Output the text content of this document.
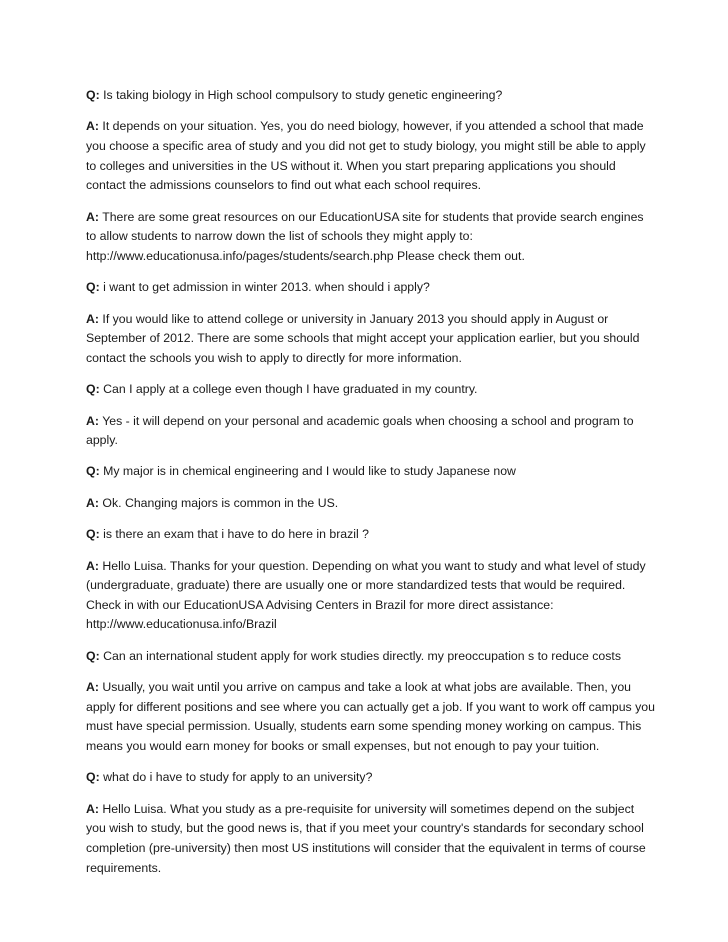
Q: Is taking biology in High school compulsory to study genetic engineering?

A: It depends on your situation. Yes, you do need biology, however, if you attended a school that made you choose a specific area of study and you did not get to study biology, you might still be able to apply to colleges and universities in the US without it. When you start preparing applications you should contact the admissions counselors to find out what each school requires.

A: There are some great resources on our EducationUSA site for students that provide search engines to allow students to narrow down the list of schools they might apply to: http://www.educationusa.info/pages/students/search.php Please check them out.

Q: i want to get admission in winter 2013. when should i apply?

A: If you would like to attend college or university in January 2013 you should apply in August or September of 2012. There are some schools that might accept your application earlier, but you should contact the schools you wish to apply to directly for more information.

Q: Can I apply at a college even though I have graduated in my country.

A: Yes - it will depend on your personal and academic goals when choosing a school and program to apply.

Q: My major is in chemical engineering and I would like to study Japanese now

A: Ok. Changing majors is common in the US.

Q: is there an exam that i have to do here in brazil ?

A: Hello Luisa. Thanks for your question. Depending on what you want to study and what level of study (undergraduate, graduate) there are usually one or more standardized tests that would be required. Check in with our EducationUSA Advising Centers in Brazil for more direct assistance: http://www.educationusa.info/Brazil

Q: Can an international student apply for work studies directly. my preoccupation s to reduce costs

A: Usually, you wait until you arrive on campus and take a look at what jobs are available. Then, you apply for different positions and see where you can actually get a job. If you want to work off campus you must have special permission. Usually, students earn some spending money working on campus. This means you would earn money for books or small expenses, but not enough to pay your tuition.

Q: what do i have to study for apply to an university?

A: Hello Luisa. What you study as a pre-requisite for university will sometimes depend on the subject you wish to study, but the good news is, that if you meet your country's standards for secondary school completion (pre-university) then most US institutions will consider that the equivalent in terms of course requirements.
